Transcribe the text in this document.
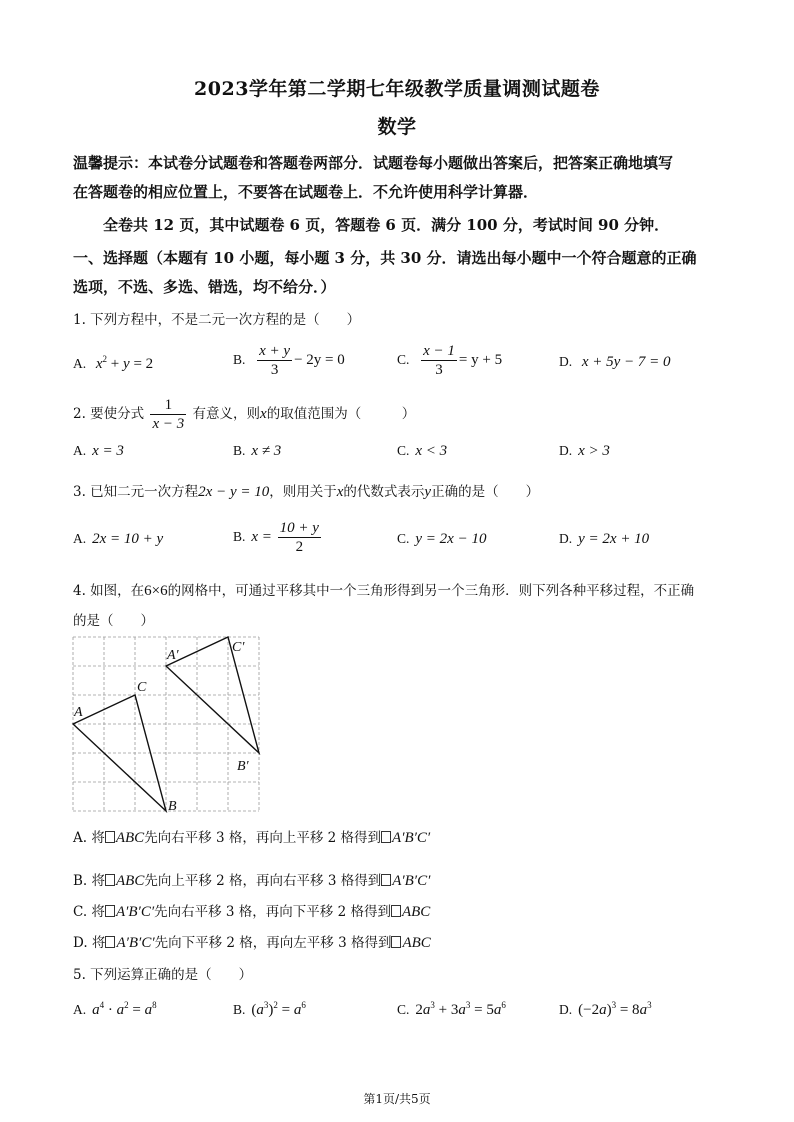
2023学年第二学期七年级教学质量调测试题卷
数学
温馨提示：本试卷分试题卷和答题卷两部分．试题卷每小题做出答案后，把答案正确地填写
在答题卷的相应位置上，不要答在试题卷上．不允许使用科学计算器．
全卷共 12 页，其中试题卷 6 页，答题卷 6 页．满分 100 分，考试时间 90 分钟．
一、选择题（本题有 10 小题，每小题 3 分，共 30 分．请选出每小题中一个符合题意的正确
选项，不选、多选、错选，均不给分．）
1. 下列方程中，不是二元一次方程的是（　　）
A. $x^2 + y = 2$	B. $\frac{x + y}{3} - 2y = 0$	C. $\frac{x - 1}{3} = y + 5$	D. x + 5y − 7 = 0
2. 要使分式 $\frac{1}{x - 3}$ 有意义，则x的取值范围为（　　　）
A. x = 3	B. x ≠ 3	C. x < 3	D. x > 3
3. 已知二元一次方程2x − y = 10，则用关于x的代数式表示y正确的是（　　）
A. 2x = 10 + y	B. $x = \frac{10 + y}{2}$	C. y = 2x − 10	D. y = 2x + 10
4. 如图，在6×6的网格中，可通过平移其中一个三角形得到另一个三角形．则下列各种平移过程，不正确
的是（　　）
A
C
B
A′
C′
B′
A. 将 ABC先向右平移 3 格，再向上平移 2 格得到 A′B′C′
B. 将 ABC先向上平移 2 格，再向右平移 3 格得到 A′B′C′
C. 将 A′B′C′先向右平移 3 格，再向下平移 2 格得到 ABC
D. 将 A′B′C′先向下平移 2 格，再向左平移 3 格得到 ABC
5. 下列运算正确的是（　　）
A. $a^4 \cdot a^2 = a^8$	B. $(a^3)^2 = a^6$	C. $2a^3 + 3a^3 = 5a^6$	D. $(-2a)^3 = 8a^3$
第1页/共5页
